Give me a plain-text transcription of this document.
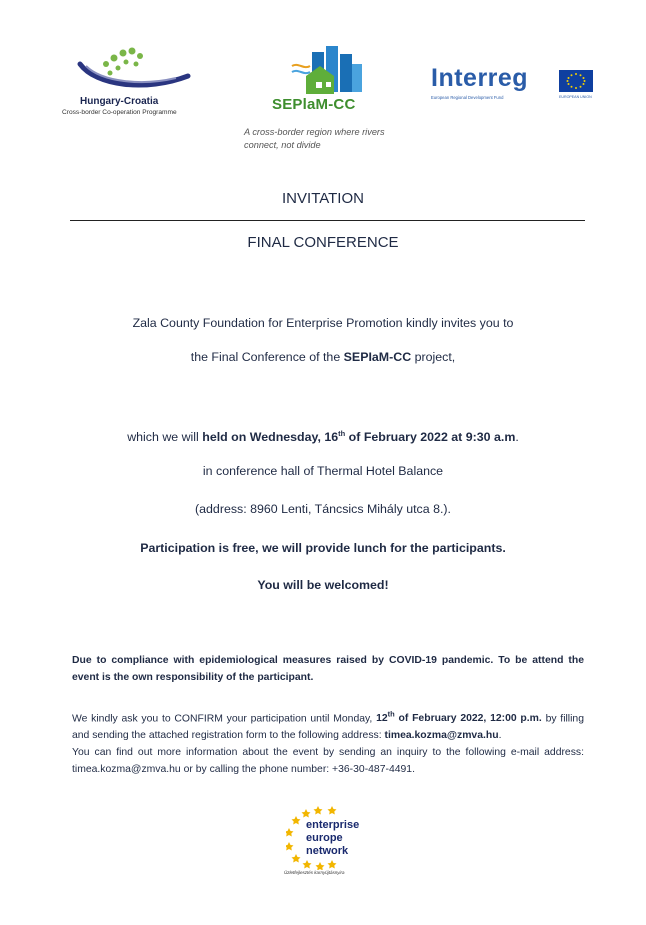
Hungary-Croatia
Cross-border Co-operation Programme	SEPlaM-CC
A cross-border region where rivers
connect, not divide
Interreg
European Regional Development Fund	EUROPEAN UNION
INVITATION
FINAL CONFERENCE
Zala County Foundation for Enterprise Promotion kindly invites you to
the Final Conference of the SEPIaM-CC project,
which we will held on Wednesday, 16th of February 2022 at 9:30 a.m.
in conference hall of Thermal Hotel Balance
(address: 8960 Lenti, Táncsics Mihály utca 8.).
Participation is free, we will provide lunch for the participants.
You will be welcomed!
Due to compliance with epidemiological measures raised by COVID-19 pandemic. To be attend the event is the own responsibility of the participant.
We kindly ask you to CONFIRM your participation until Monday, 12th of February 2022, 12:00 p.m. by filling and sending the attached registration form to the following address: timea.kozma@zmva.hu.
You can find out more information about the event by sending an inquiry to the following e-mail address: timea.kozma@zmva.hu or by calling the phone number: +36-30-487-4491.
enterprise
europe
network
Üzletfejlesztés karnyújtásnyira
